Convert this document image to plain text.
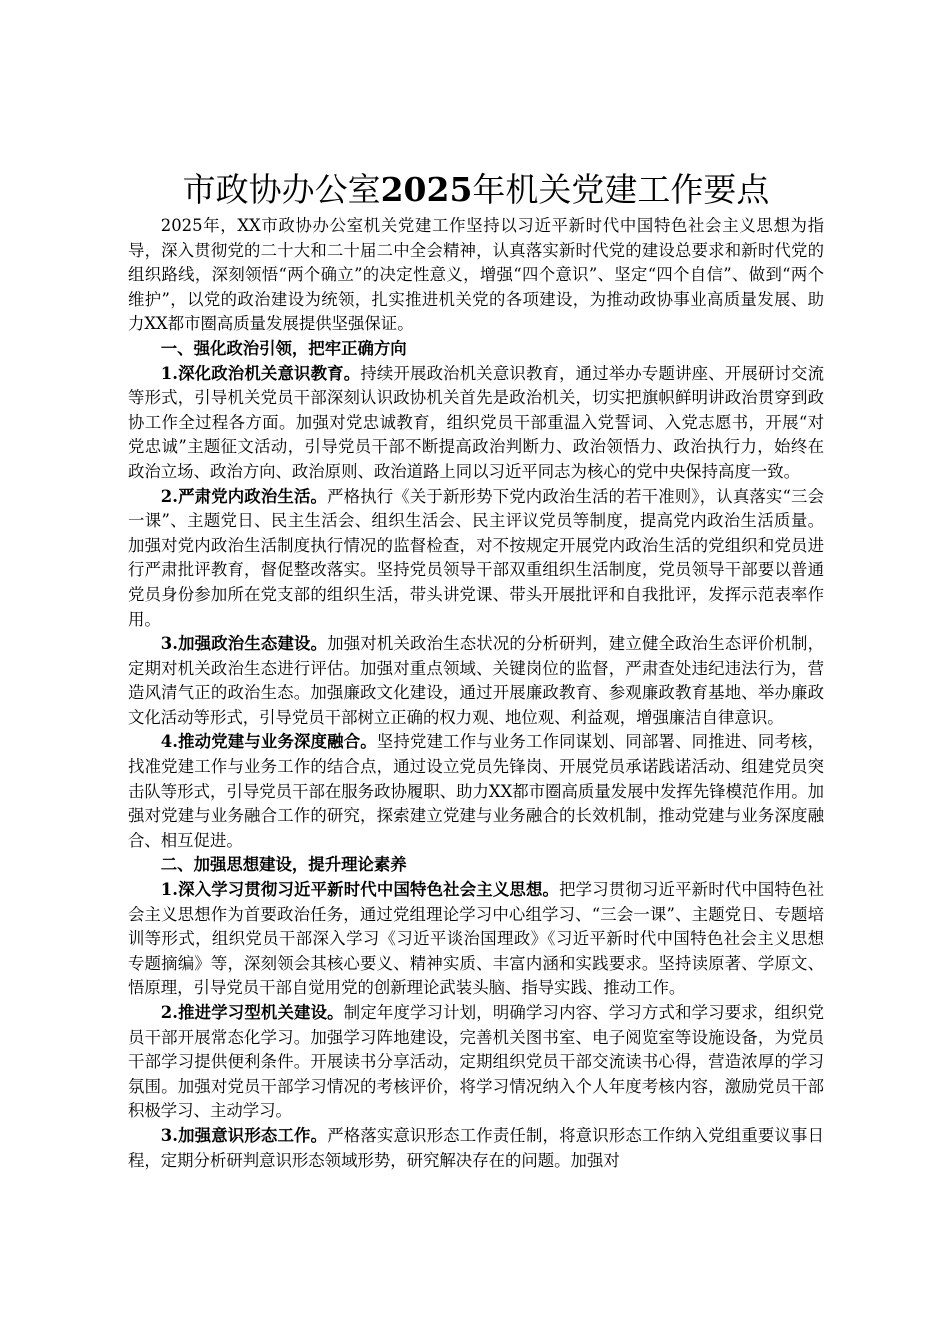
市政协办公室2025年机关党建工作要点

2025年，XX市政协办公室机关党建工作坚持以习近平新时代中国特色社会主义思想为指导，深入贯彻党的二十大和二十届二中全会精神，认真落实新时代党的建设总要求和新时代党的组织路线，深刻领悟“两个确立”的决定性意义，增强“四个意识”、坚定“四个自信”、做到“两个维护”，以党的政治建设为统领，扎实推进机关党的各项建设，为推动政协事业高质量发展、助力XX都市圈高质量发展提供坚强保证。

一、强化政治引领，把牢正确方向

1.深化政治机关意识教育。持续开展政治机关意识教育，通过举办专题讲座、开展研讨交流等形式，引导机关党员干部深刻认识政协机关首先是政治机关，切实把旗帜鲜明讲政治贯穿到政协工作全过程各方面。加强对党忠诚教育，组织党员干部重温入党誓词、入党志愿书，开展“对党忠诚”主题征文活动，引导党员干部不断提高政治判断力、政治领悟力、政治执行力，始终在政治立场、政治方向、政治原则、政治道路上同以习近平同志为核心的党中央保持高度一致。

2.严肃党内政治生活。严格执行《关于新形势下党内政治生活的若干准则》，认真落实“三会一课”、主题党日、民主生活会、组织生活会、民主评议党员等制度，提高党内政治生活质量。加强对党内政治生活制度执行情况的监督检查，对不按规定开展党内政治生活的党组织和党员进行严肃批评教育，督促整改落实。坚持党员领导干部双重组织生活制度，党员领导干部要以普通党员身份参加所在党支部的组织生活，带头讲党课、带头开展批评和自我批评，发挥示范表率作用。

3.加强政治生态建设。加强对机关政治生态状况的分析研判，建立健全政治生态评价机制，定期对机关政治生态进行评估。加强对重点领域、关键岗位的监督，严肃查处违纪违法行为，营造风清气正的政治生态。加强廉政文化建设，通过开展廉政教育、参观廉政教育基地、举办廉政文化活动等形式，引导党员干部树立正确的权力观、地位观、利益观，增强廉洁自律意识。

4.推动党建与业务深度融合。坚持党建工作与业务工作同谋划、同部署、同推进、同考核，找准党建工作与业务工作的结合点，通过设立党员先锋岗、开展党员承诺践诺活动、组建党员突击队等形式，引导党员干部在服务政协履职、助力XX都市圈高质量发展中发挥先锋模范作用。加强对党建与业务融合工作的研究，探索建立党建与业务融合的长效机制，推动党建与业务深度融合、相互促进。

二、加强思想建设，提升理论素养

1.深入学习贯彻习近平新时代中国特色社会主义思想。把学习贯彻习近平新时代中国特色社会主义思想作为首要政治任务，通过党组理论学习中心组学习、“三会一课”、主题党日、专题培训等形式，组织党员干部深入学习《习近平谈治国理政》《习近平新时代中国特色社会主义思想专题摘编》等，深刻领会其核心要义、精神实质、丰富内涵和实践要求。坚持读原著、学原文、悟原理，引导党员干部自觉用党的创新理论武装头脑、指导实践、推动工作。

2.推进学习型机关建设。制定年度学习计划，明确学习内容、学习方式和学习要求，组织党员干部开展常态化学习。加强学习阵地建设，完善机关图书室、电子阅览室等设施设备，为党员干部学习提供便利条件。开展读书分享活动，定期组织党员干部交流读书心得，营造浓厚的学习氛围。加强对党员干部学习情况的考核评价，将学习情况纳入个人年度考核内容，激励党员干部积极学习、主动学习。

3.加强意识形态工作。严格落实意识形态工作责任制，将意识形态工作纳入党组重要议事日程，定期分析研判意识形态领域形势，研究解决存在的问题。加强对
